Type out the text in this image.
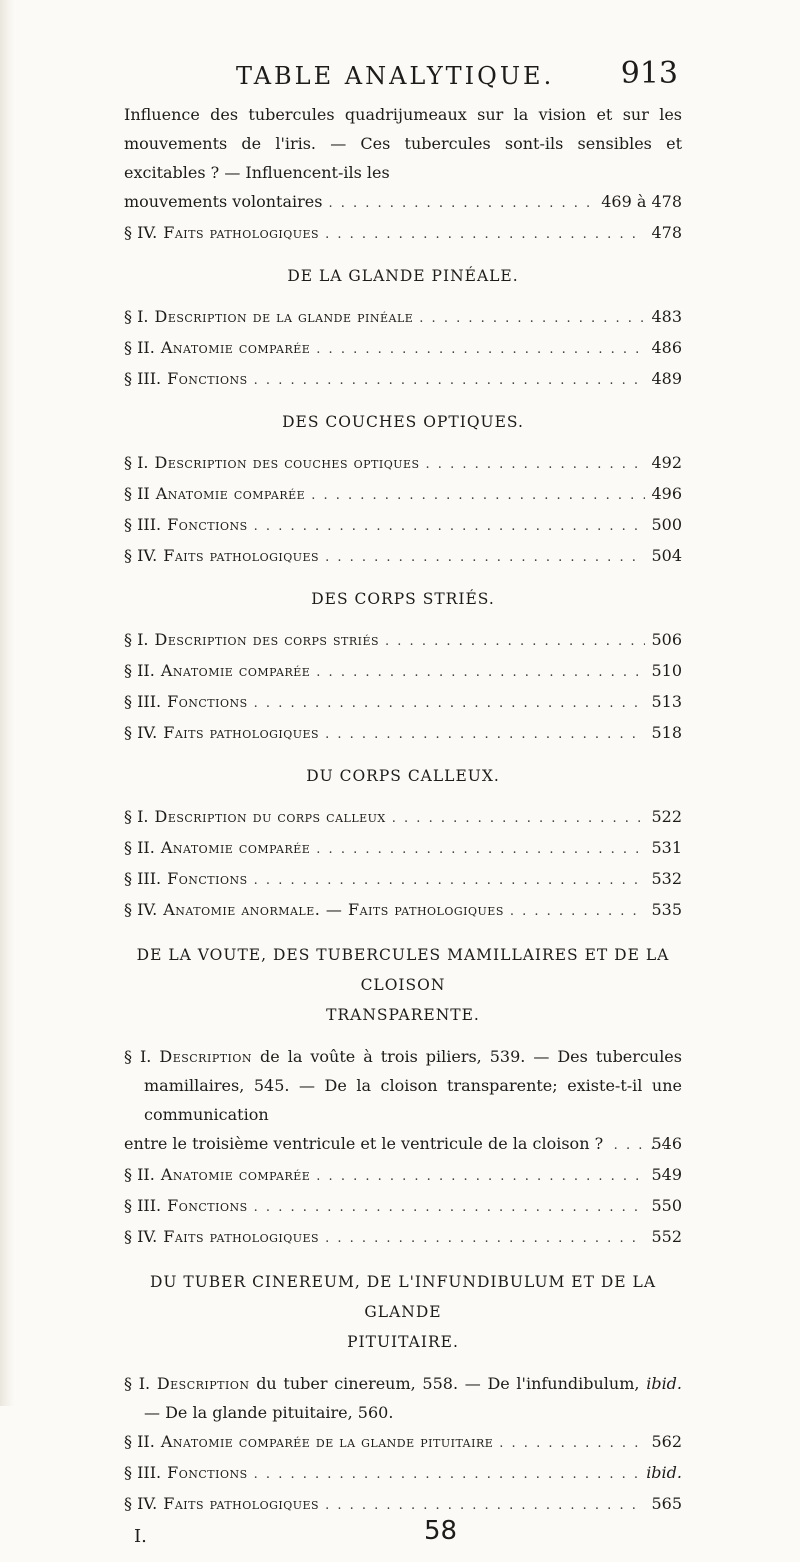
TABLE ANALYTIQUE. 913
Influence des tubercules quadrijumeaux sur la vision et sur les mouvements de l'iris. — Ces tubercules sont-ils sensibles et excitables ? — Influencent-ils les
mouvements volontaires . . .	469 à 478
§ IV. Faits pathologiques . . .	478
DE LA GLANDE PINÉALE.
§ I. Description de la glande pinéale . . .	483
§ II. Anatomie comparée . . .	486
§ III. Fonctions . . .	489
DES COUCHES OPTIQUES.
§ I. Description des couches optiques . . .	492
§ II Anatomie comparée . . .	496
§ III. Fonctions . . .	500
§ IV. Faits pathologiques . . .	504
DES CORPS STRIÉS.
§ I. Description des corps striés . . .	506
§ II. Anatomie comparée . . .	510
§ III. Fonctions . . .	513
§ IV. Faits pathologiques . . .	518
DU CORPS CALLEUX.
§ I. Description du corps calleux . . .	522
§ II. Anatomie comparée . . .	531
§ III. Fonctions . . .	532
§ IV. Anatomie anormale. — Faits pathologiques . . .	535
DE LA VOUTE, DES TUBERCULES MAMILLAIRES ET DE LA CLOISON
TRANSPARENTE.
§ I. Description de la voûte à trois piliers, 539. — Des tubercules mamillaires, 545. — De la cloison transparente; existe-t-il une communication
entre le troisième ventricule et le ventricule de la cloison ? . . .	546
§ II. Anatomie comparée . . .	549
§ III. Fonctions . . .	550
§ IV. Faits pathologiques . . .	552
DU TUBER CINEREUM, DE L'INFUNDIBULUM ET DE LA GLANDE
PITUITAIRE.
§ I. Description du tuber cinereum, 558. — De l'infundibulum, ibid. — De la glande pituitaire, 560.
§ II. Anatomie comparée de la glande pituitaire . . .	562
§ III. Fonctions . . .	ibid.
§ IV. Faits pathologiques . . .	565
I.	58
